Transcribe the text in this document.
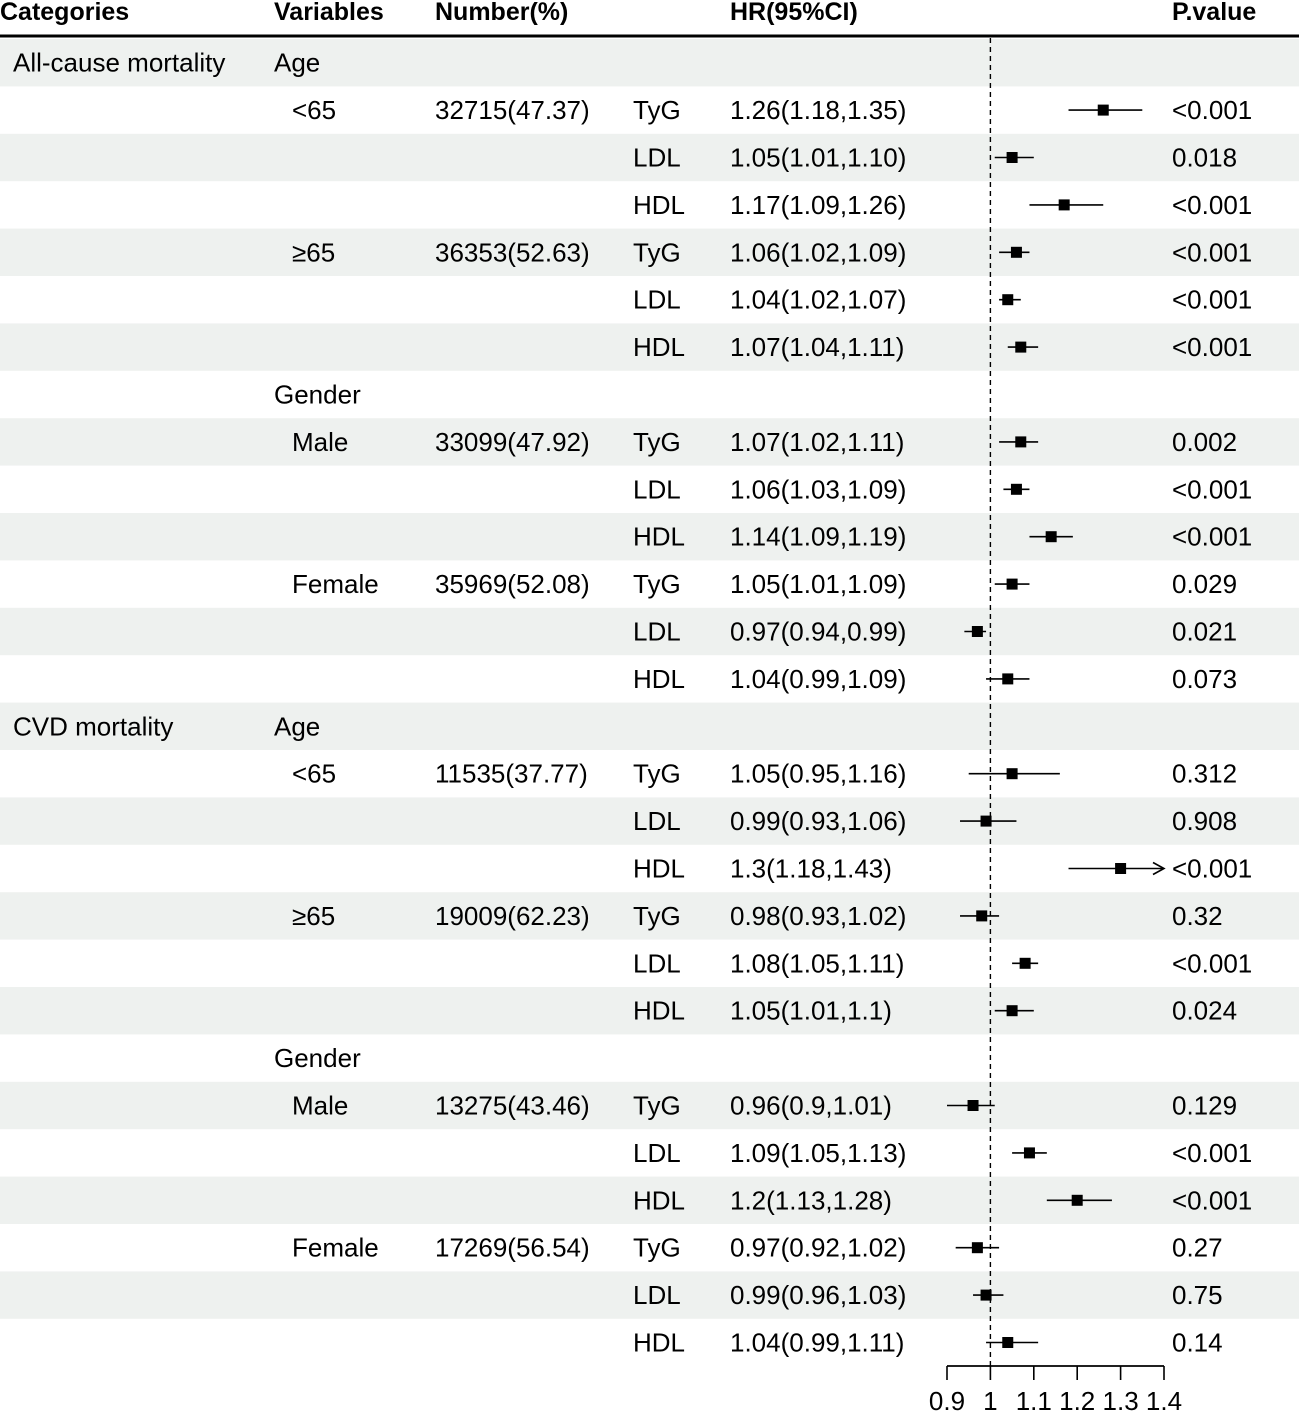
Categories	Variables Number(%)	HR(95%CI)	P.value
All-cause mortality Age
<65	32715(47.37) TyG 1.26(1.18,1.35)	<0.001
LDL 1.05(1.01,1.10)	0.018
HDL 1.17(1.09,1.26)	<0.001
≥65	36353(52.63) TyG 1.06(1.02,1.09)	<0.001
LDL 1.04(1.02,1.07)	<0.001
HDL 1.07(1.04,1.11)	<0.001
Gender
Male	33099(47.92) TyG 1.07(1.02,1.11)	0.002
LDL 1.06(1.03,1.09)	<0.001
HDL 1.14(1.09,1.19)	<0.001
Female 35969(52.08) TyG 1.05(1.01,1.09)	0.029
LDL 0.97(0.94,0.99)	0.021
HDL 1.04(0.99,1.09)	0.073
CVD mortality	Age
<65	11535(37.77) TyG 1.05(0.95,1.16)	0.312
LDL 0.99(0.93,1.06)	0.908
HDL 1.3(1.18,1.43)	<0.001
≥65	19009(62.23) TyG 0.98(0.93,1.02)	0.32
LDL 1.08(1.05,1.11)	<0.001
HDL 1.05(1.01,1.1)	0.024
Gender
Male	13275(43.46) TyG 0.96(0.9,1.01)	0.129
LDL 1.09(1.05,1.13)	<0.001
HDL 1.2(1.13,1.28)	<0.001
Female 17269(56.54) TyG 0.97(0.92,1.02)	0.27
LDL 0.99(0.96,1.03)	0.75
HDL 1.04(0.99,1.11)	0.14
0.9 1 1.1 1.2 1.3 1.4
